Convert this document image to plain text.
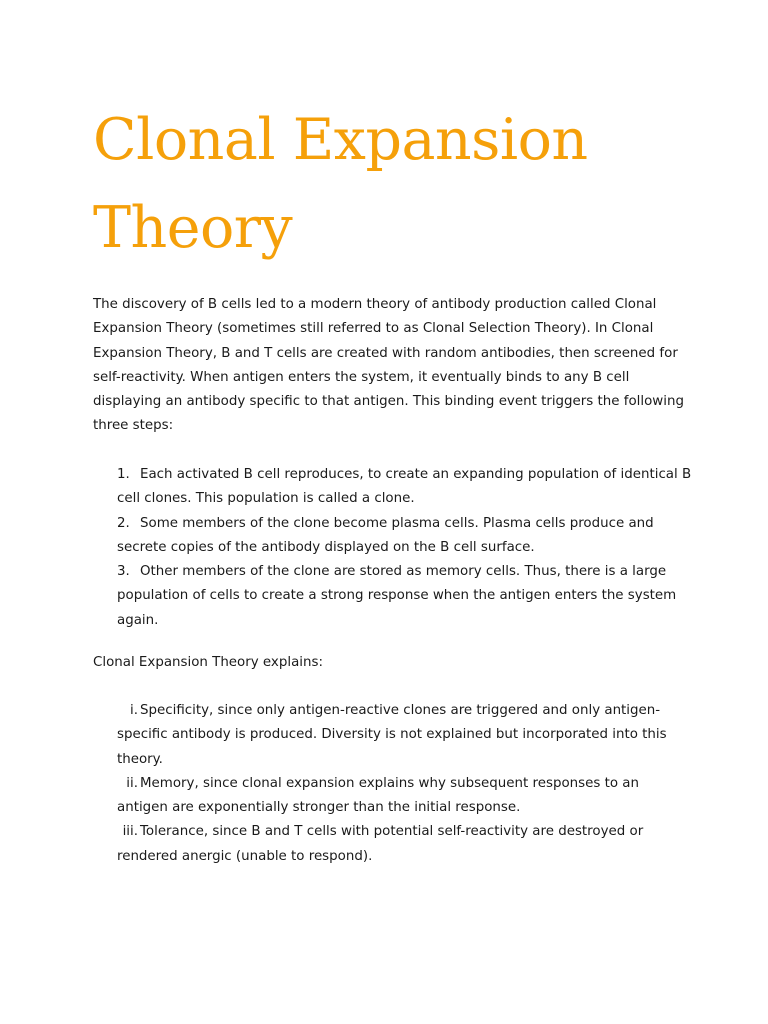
Clonal Expansion Theory

The discovery of B cells led to a modern theory of antibody production called Clonal Expansion Theory (sometimes still referred to as Clonal Selection Theory). In Clonal Expansion Theory, B and T cells are created with random antibodies, then screened for self-reactivity. When antigen enters the system, it eventually binds to any B cell displaying an antibody specific to that antigen. This binding event triggers the following three steps:

1. Each activated B cell reproduces, to create an expanding population of identical B cell clones. This population is called a clone.
2. Some members of the clone become plasma cells. Plasma cells produce and secrete copies of the antibody displayed on the B cell surface.
3. Other members of the clone are stored as memory cells. Thus, there is a large population of cells to create a strong response when the antigen enters the system again.

Clonal Expansion Theory explains:

i. Specificity, since only antigen-reactive clones are triggered and only antigen-specific antibody is produced. Diversity is not explained but incorporated into this theory.
ii. Memory, since clonal expansion explains why subsequent responses to an antigen are exponentially stronger than the initial response.
iii. Tolerance, since B and T cells with potential self-reactivity are destroyed or rendered anergic (unable to respond).
